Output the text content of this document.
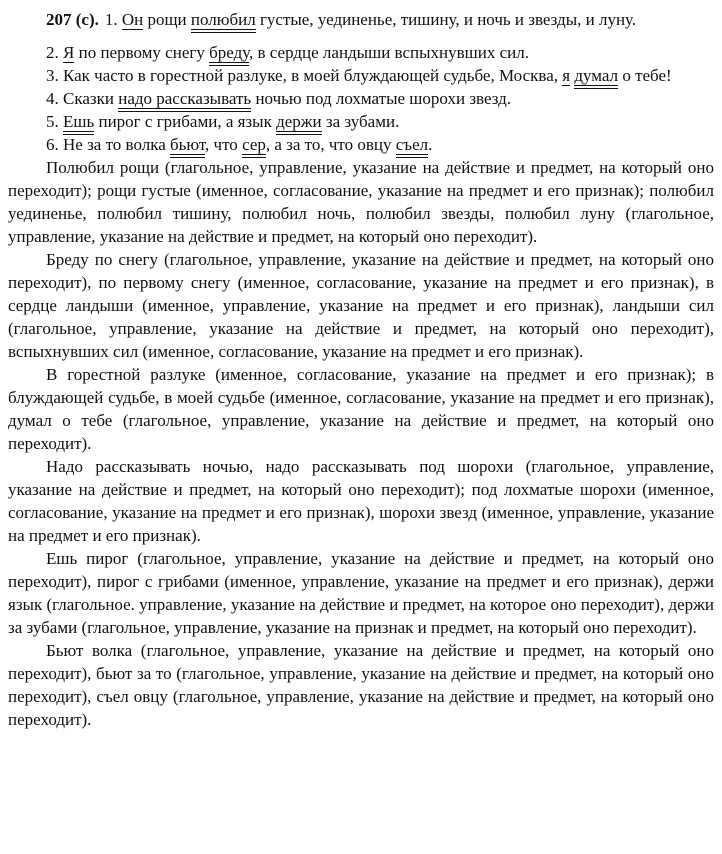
207 (с). 1. Он рощи полюбил густые, уединенье, тишину, и ночь и звезды, и луну.

2. Я по первому снегу бреду, в сердце ландыши вспыхнувших сил.

3. Как часто в горестной разлуке, в моей блуждающей судьбе, Москва, я думал о тебе!

4. Сказки надо рассказывать ночью под лохматые шорохи звезд.

5. Ешь пирог с грибами, а язык держи за зубами.

6. Не за то волка бьют, что сер, а за то, что овцу съел.

Полюбил рощи (глагольное, управление, указание на действие и предмет, на который оно переходит); рощи густые (именное, согласование, указание на предмет и его признак); полюбил уединенье, полюбил тишину, полюбил ночь, полюбил звезды, полюбил луну (глагольное, управление, указание на действие и предмет, на который оно переходит).

Бреду по снегу (глагольное, управление, указание на действие и предмет, на который оно переходит), по первому снегу (именное, согласование, указание на предмет и его признак), в сердце ландыши (именное, управление, указание на предмет и его признак), ландыши сил (глагольное, управление, указание на действие и предмет, на который оно переходит), вспыхнувших сил (именное, согласование, указание на предмет и его признак).

В горестной разлуке (именное, согласование, указание на предмет и его признак); в блуждающей судьбе, в моей судьбе (именное, согласование, указание на предмет и его признак), думал о тебе (глагольное, управление, указание на действие и предмет, на который оно переходит).

Надо рассказывать ночью, надо рассказывать под шорохи (глагольное, управление, указание на действие и предмет, на который оно переходит); под лохматые шорохи (именное, согласование, указание на предмет и его признак), шорохи звезд (именное, управление, указание на предмет и его признак).

Ешь пирог (глагольное, управление, указание на действие и предмет, на который оно переходит), пирог с грибами (именное, управление, указание на предмет и его признак), держи язык (глагольное. управление, указание на действие и предмет, на которое оно переходит), держи за зубами (глагольное, управление, указание на признак и предмет, на который оно переходит).

Бьют волка (глагольное, управление, указание на действие и предмет, на который оно переходит), бьют за то (глагольное, управление, указание на действие и предмет, на который оно переходит), съел овцу (глагольное, управление, указание на действие и предмет, на который оно переходит).
